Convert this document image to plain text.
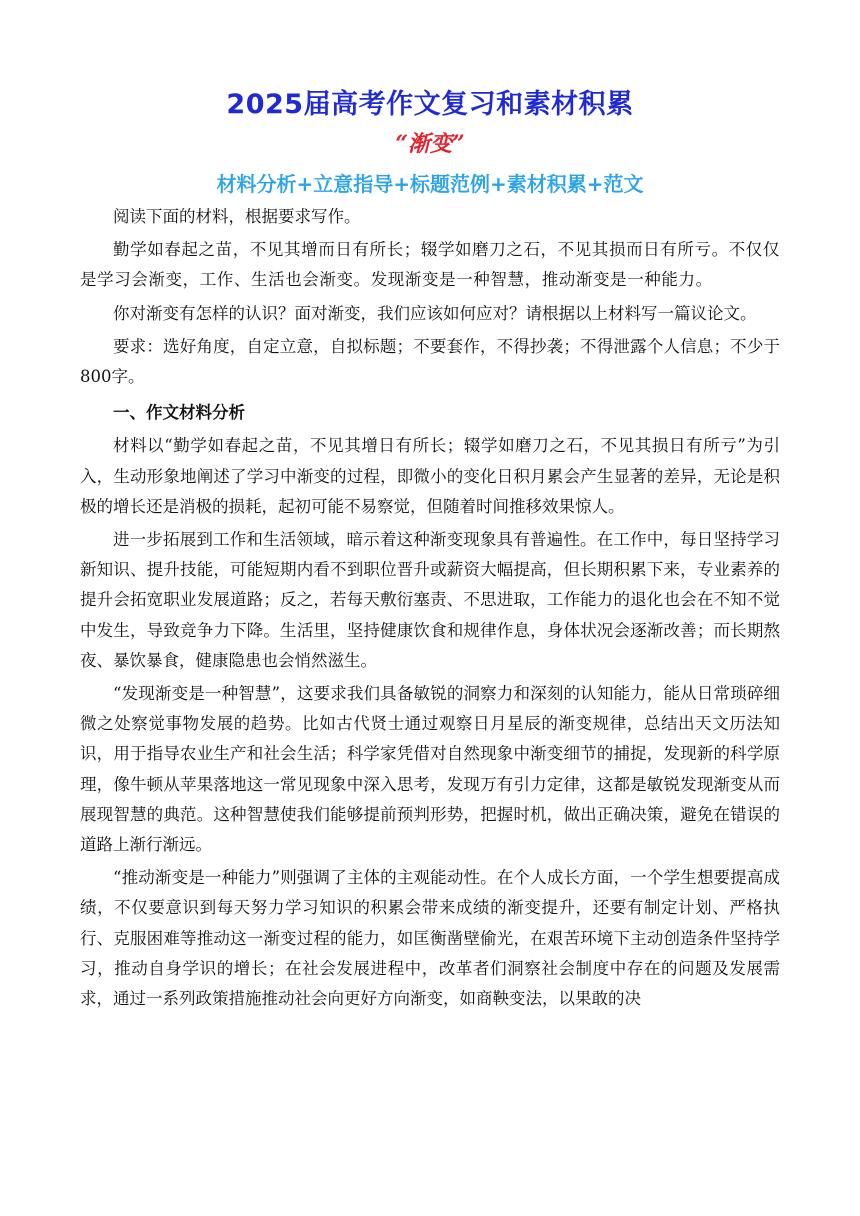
2025届高考作文复习和素材积累
“渐变”
材料分析+立意指导+标题范例+素材积累+范文

阅读下面的材料，根据要求写作。

勤学如春起之苗，不见其增而日有所长；辍学如磨刀之石，不见其损而日有所亏。不仅仅是学习会渐变，工作、生活也会渐变。发现渐变是一种智慧，推动渐变是一种能力。

你对渐变有怎样的认识？面对渐变，我们应该如何应对？请根据以上材料写一篇议论文。

要求：选好角度，自定立意，自拟标题；不要套作，不得抄袭；不得泄露个人信息；不少于800字。

一、作文材料分析

材料以“勤学如春起之苗，不见其增日有所长；辍学如磨刀之石，不见其损日有所亏”为引入，生动形象地阐述了学习中渐变的过程，即微小的变化日积月累会产生显著的差异，无论是积极的增长还是消极的损耗，起初可能不易察觉，但随着时间推移效果惊人。

进一步拓展到工作和生活领域，暗示着这种渐变现象具有普遍性。在工作中，每日坚持学习新知识、提升技能，可能短期内看不到职位晋升或薪资大幅提高，但长期积累下来，专业素养的提升会拓宽职业发展道路；反之，若每天敷衍塞责、不思进取，工作能力的退化也会在不知不觉中发生，导致竞争力下降。生活里，坚持健康饮食和规律作息，身体状况会逐渐改善；而长期熬夜、暴饮暴食，健康隐患也会悄然滋生。

“发现渐变是一种智慧”，这要求我们具备敏锐的洞察力和深刻的认知能力，能从日常琐碎细微之处察觉事物发展的趋势。比如古代贤士通过观察日月星辰的渐变规律，总结出天文历法知识，用于指导农业生产和社会生活；科学家凭借对自然现象中渐变细节的捕捉，发现新的科学原理，像牛顿从苹果落地这一常见现象中深入思考，发现万有引力定律，这都是敏锐发现渐变从而展现智慧的典范。这种智慧使我们能够提前预判形势，把握时机，做出正确决策，避免在错误的道路上渐行渐远。

“推动渐变是一种能力”则强调了主体的主观能动性。在个人成长方面，一个学生想要提高成绩，不仅要意识到每天努力学习知识的积累会带来成绩的渐变提升，还要有制定计划、严格执行、克服困难等推动这一渐变过程的能力，如匡衡凿壁偷光，在艰苦环境下主动创造条件坚持学习，推动自身学识的增长；在社会发展进程中，改革者们洞察社会制度中存在的问题及发展需求，通过一系列政策措施推动社会向更好方向渐变，如商鞅变法，以果敢的决
